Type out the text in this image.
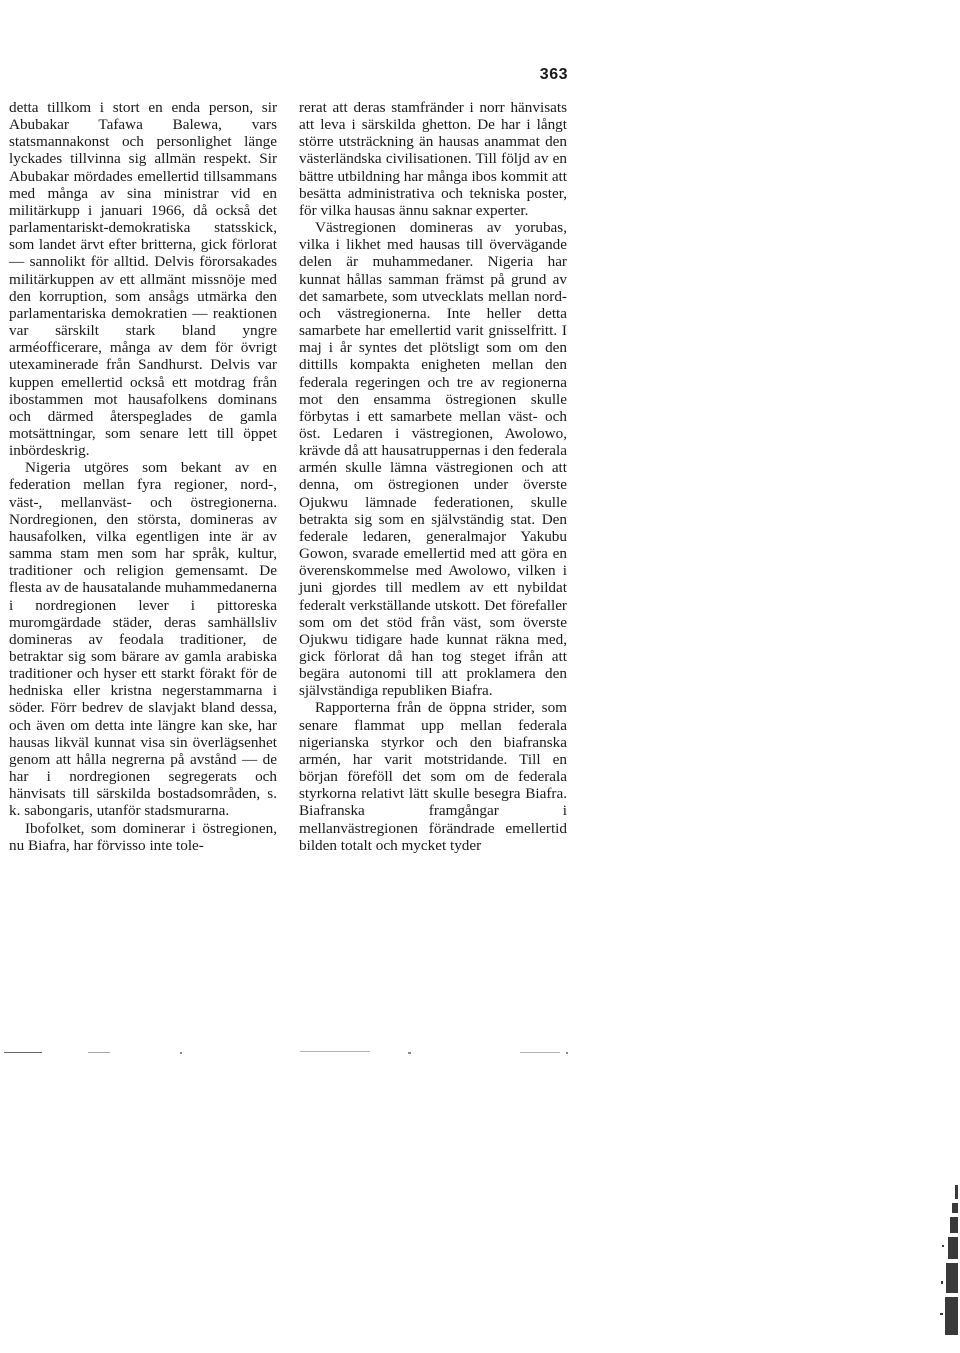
363

detta tillkom i stort en enda person, sir Abubakar Tafawa Balewa, vars statsmannakonst och personlighet länge lyckades tillvinna sig allmän respekt. Sir Abubakar mördades emellertid tillsammans med många av sina ministrar vid en militärkupp i januari 1966, då också det parlamentariskt-demokratiska statsskick, som landet ärvt efter britterna, gick förlorat — sannolikt för alltid. Delvis förorsakades militärkuppen av ett allmänt missnöje med den korruption, som ansågs utmärka den parlamentariska demokratien — reaktionen var särskilt stark bland yngre arméofficerare, många av dem för övrigt utexaminerade från Sandhurst. Delvis var kuppen emellertid också ett motdrag från ibostammen mot hausafolkens dominans och därmed återspeglades de gamla motsättningar, som senare lett till öppet inbördeskrig.

Nigeria utgöres som bekant av en federation mellan fyra regioner, nord-, väst-, mellanväst- och östregionerna. Nordregionen, den största, domineras av hausafolken, vilka egentligen inte är av samma stam men som har språk, kultur, traditioner och religion gemensamt. De flesta av de hausatalande muhammedanerna i nordregionen lever i pittoreska muromgärdade städer, deras samhällsliv domineras av feodala traditioner, de betraktar sig som bärare av gamla arabiska traditioner och hyser ett starkt förakt för de hedniska eller kristna negerstammarna i söder. Förr bedrev de slavjakt bland dessa, och även om detta inte längre kan ske, har hausas likväl kunnat visa sin överlägsenhet genom att hålla negrerna på avstånd — de har i nordregionen segregerats och hänvisats till särskilda bostadsområden, s. k. sabongaris, utanför stadsmurarna.

Ibofolket, som dominerar i östregionen, nu Biafra, har förvisso inte tole-

rerat att deras stamfränder i norr hänvisats att leva i särskilda ghetton. De har i långt större utsträckning än hausas anammat den västerländska civilisationen. Till följd av en bättre utbildning har många ibos kommit att besätta administrativa och tekniska poster, för vilka hausas ännu saknar experter.

Västregionen domineras av yorubas, vilka i likhet med hausas till övervägande delen är muhammedaner. Nigeria har kunnat hållas samman främst på grund av det samarbete, som utvecklats mellan nord- och västregionerna. Inte heller detta samarbete har emellertid varit gnisselfritt. I maj i år syntes det plötsligt som om den dittills kompakta enigheten mellan den federala regeringen och tre av regionerna mot den ensamma östregionen skulle förbytas i ett samarbete mellan väst- och öst. Ledaren i västregionen, Awolowo, krävde då att hausatruppernas i den federala armén skulle lämna västregionen och att denna, om östregionen under överste Ojukwu lämnade federationen, skulle betrakta sig som en självständig stat. Den federale ledaren, generalmajor Yakubu Gowon, svarade emellertid med att göra en överenskommelse med Awolowo, vilken i juni gjordes till medlem av ett nybildat federalt verkställande utskott. Det förefaller som om det stöd från väst, som överste Ojukwu tidigare hade kunnat räkna med, gick förlorat då han tog steget ifrån att begära autonomi till att proklamera den självständiga republiken Biafra.

Rapporterna från de öppna strider, som senare flammat upp mellan federala nigerianska styrkor och den biafranska armén, har varit motstridande. Till en början föreföll det som om de federala styrkorna relativt lätt skulle besegra Biafra. Biafranska framgångar i mellanvästregionen förändrade emellertid bilden totalt och mycket tyder
